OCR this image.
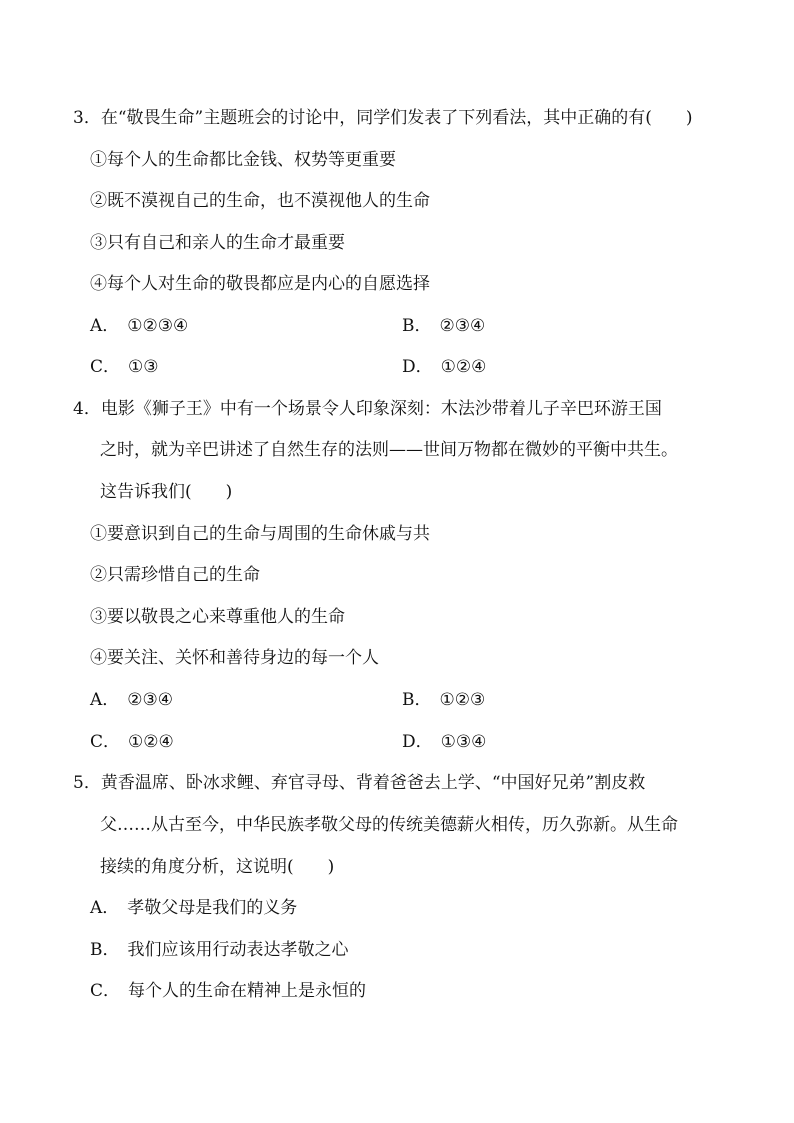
3．在“敬畏生命”主题班会的讨论中，同学们发表了下列看法，其中正确的有(　　)
①每个人的生命都比金钱、权势等更重要
②既不漠视自己的生命，也不漠视他人的生命
③只有自己和亲人的生命才最重要
④每个人对生命的敬畏都应是内心的自愿选择
A． ①②③④	B． ②③④
C． ①③	D． ①②④
4．电影《狮子王》中有一个场景令人印象深刻：木法沙带着儿子辛巴环游王国
之时，就为辛巴讲述了自然生存的法则——世间万物都在微妙的平衡中共生。
这告诉我们(　　)
①要意识到自己的生命与周围的生命休戚与共
②只需珍惜自己的生命
③要以敬畏之心来尊重他人的生命
④要关注、关怀和善待身边的每一个人
A． ②③④	B． ①②③
C． ①②④	D． ①③④
5．黄香温席、卧冰求鲤、弃官寻母、背着爸爸去上学、“中国好兄弟”割皮救
父……从古至今，中华民族孝敬父母的传统美德薪火相传，历久弥新。从生命
接续的角度分析，这说明(　　)
A． 孝敬父母是我们的义务
B． 我们应该用行动表达孝敬之心
C． 每个人的生命在精神上是永恒的
